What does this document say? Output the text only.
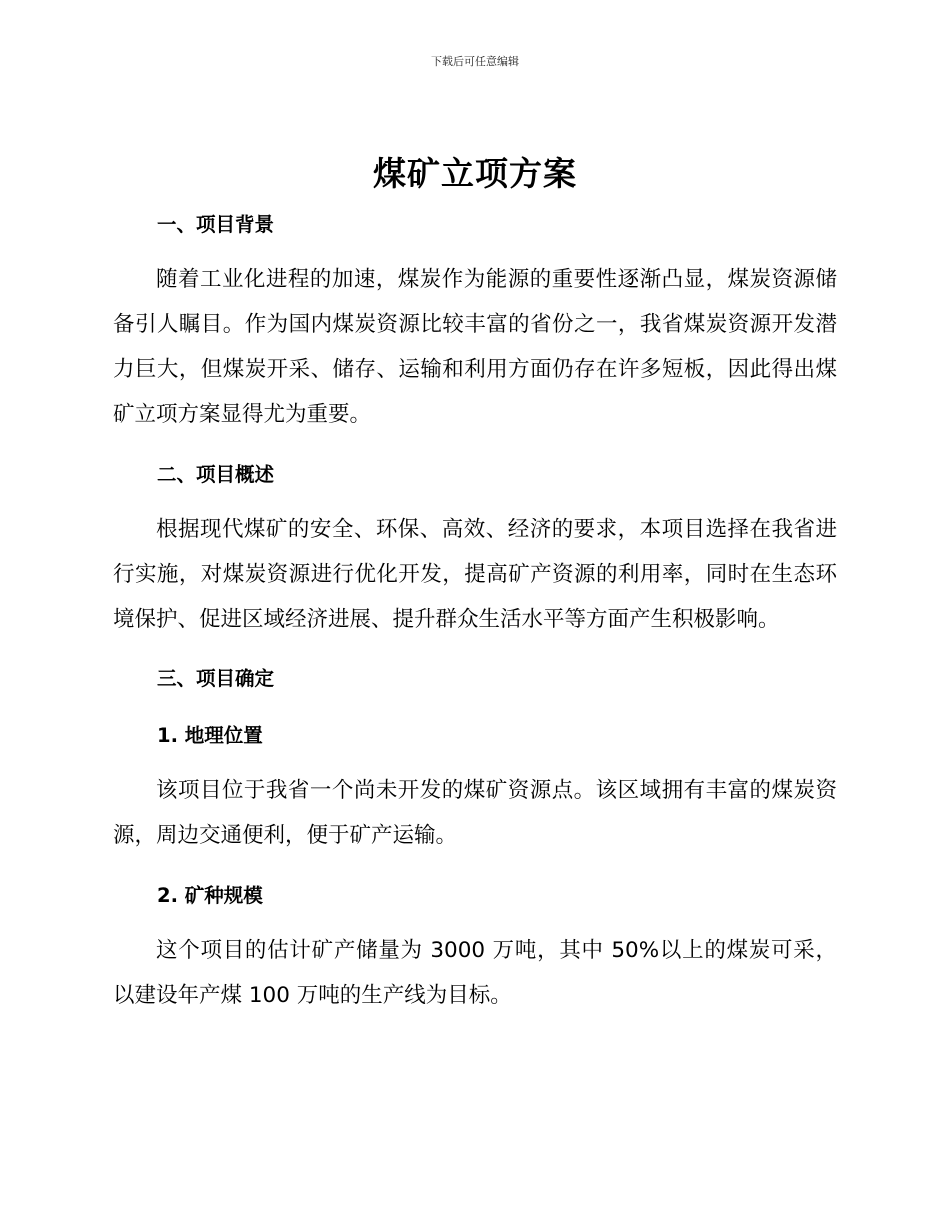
下载后可任意编辑
煤矿立项方案
一、项目背景
随着工业化进程的加速，煤炭作为能源的重要性逐渐凸显，煤炭资源储备引人瞩目。作为国内煤炭资源比较丰富的省份之一，我省煤炭资源开发潜力巨大，但煤炭开采、储存、运输和利用方面仍存在许多短板，因此得出煤矿立项方案显得尤为重要。
二、项目概述
根据现代煤矿的安全、环保、高效、经济的要求，本项目选择在我省进行实施，对煤炭资源进行优化开发，提高矿产资源的利用率，同时在生态环境保护、促进区域经济进展、提升群众生活水平等方面产生积极影响。
三、项目确定
1. 地理位置
该项目位于我省一个尚未开发的煤矿资源点。该区域拥有丰富的煤炭资源，周边交通便利，便于矿产运输。
2. 矿种规模
这个项目的估计矿产储量为 3000 万吨，其中 50%以上的煤炭可采，以建设年产煤 100 万吨的生产线为目标。
